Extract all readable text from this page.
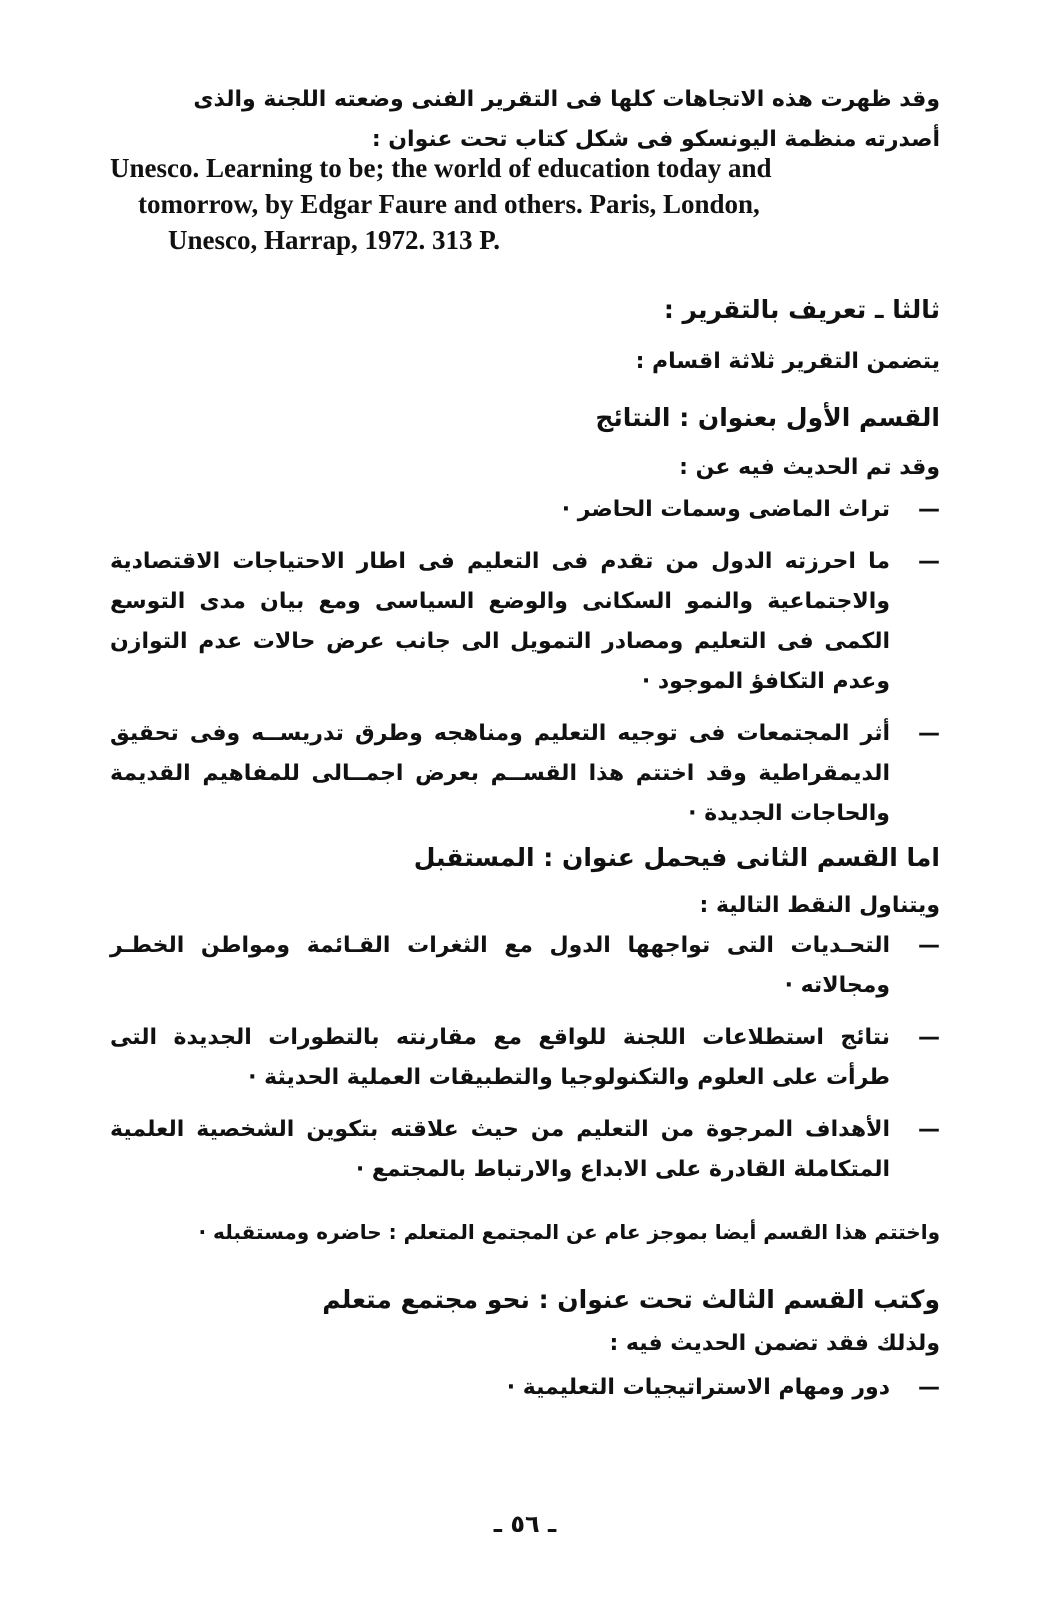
وقد ظهرت هذه الاتجاهات كلها فى التقرير الفنى وضعته اللجنة والذى
أصدرته منظمة اليونسكو فى شكل كتاب تحت عنوان :
Unesco. Learning to be; the world of education today and
tomorrow, by Edgar Faure and others. Paris, London,
Unesco, Harrap, 1972. 313 P.
ثالثا ـ تعريف بالتقرير :
يتضمن التقرير ثلاثة اقسام :
القسم الأول بعنوان : النتائج
وقد تم الحديث فيه عن :
—
تراث الماضى وسمات الحاضر ·
—
ما احرزته الدول من تقدم فى التعليم فى اطار الاحتياجات الاقتصادية والاجتماعية والنمو السكانى والوضع السياسى ومع بيان مدى التوسع الكمى فى التعليم ومصادر التمويل الى جانب عرض حالات عدم التوازن وعدم التكافؤ الموجود ·
—
أثر المجتمعات فى توجيه التعليم ومناهجه وطرق تدريســه وفى تحقيق الديمقراطية وقد اختتم هذا القســم بعرض اجمــالى للمفاهيم القديمة والحاجات الجديدة ·
اما القسم الثانى فيحمل عنوان : المستقبل
ويتناول النقط التالية :
—
التحـديات التى تواجهها الدول مع الثغرات القـائمة ومواطن الخطـر ومجالاته ·
—
نتائج استطلاعات اللجنة للواقع مع مقارنته بالتطورات الجديدة التى طرأت على العلوم والتكنولوجيا والتطبيقات العملية الحديثة ·
—
الأهداف المرجوة من التعليم من حيث علاقته بتكوين الشخصية العلمية المتكاملة القادرة على الابداع والارتباط بالمجتمع ·
واختتم هذا القسم أيضا بموجز عام عن المجتمع المتعلم : حاضره ومستقبله ·
وكتب القسم الثالث تحت عنوان : نحو مجتمع متعلم
ولذلك فقد تضمن الحديث فيه :
—
دور ومهام الاستراتيجيات التعليمية ·
ـ ٥٦ ـ
